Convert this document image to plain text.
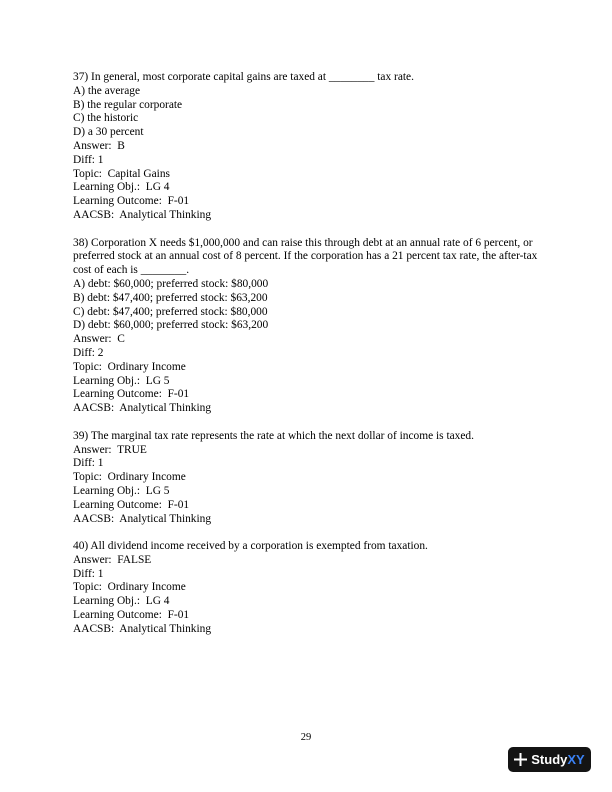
37) In general, most corporate capital gains are taxed at ________ tax rate.
A) the average
B) the regular corporate
C) the historic
D) a 30 percent
Answer:  B
Diff: 1
Topic:  Capital Gains
Learning Obj.:  LG 4
Learning Outcome:  F-01
AACSB:  Analytical Thinking
38) Corporation X needs $1,000,000 and can raise this through debt at an annual rate of 6 percent, or preferred stock at an annual cost of 8 percent. If the corporation has a 21 percent tax rate, the after-tax cost of each is ________.
A) debt: $60,000; preferred stock: $80,000
B) debt: $47,400; preferred stock: $63,200
C) debt: $47,400; preferred stock: $80,000
D) debt: $60,000; preferred stock: $63,200
Answer:  C
Diff: 2
Topic:  Ordinary Income
Learning Obj.:  LG 5
Learning Outcome:  F-01
AACSB:  Analytical Thinking
39) The marginal tax rate represents the rate at which the next dollar of income is taxed.
Answer:  TRUE
Diff: 1
Topic:  Ordinary Income
Learning Obj.:  LG 5
Learning Outcome:  F-01
AACSB:  Analytical Thinking
40) All dividend income received by a corporation is exempted from taxation.
Answer:  FALSE
Diff: 1
Topic:  Ordinary Income
Learning Obj.:  LG 4
Learning Outcome:  F-01
AACSB:  Analytical Thinking
29
Study XY
